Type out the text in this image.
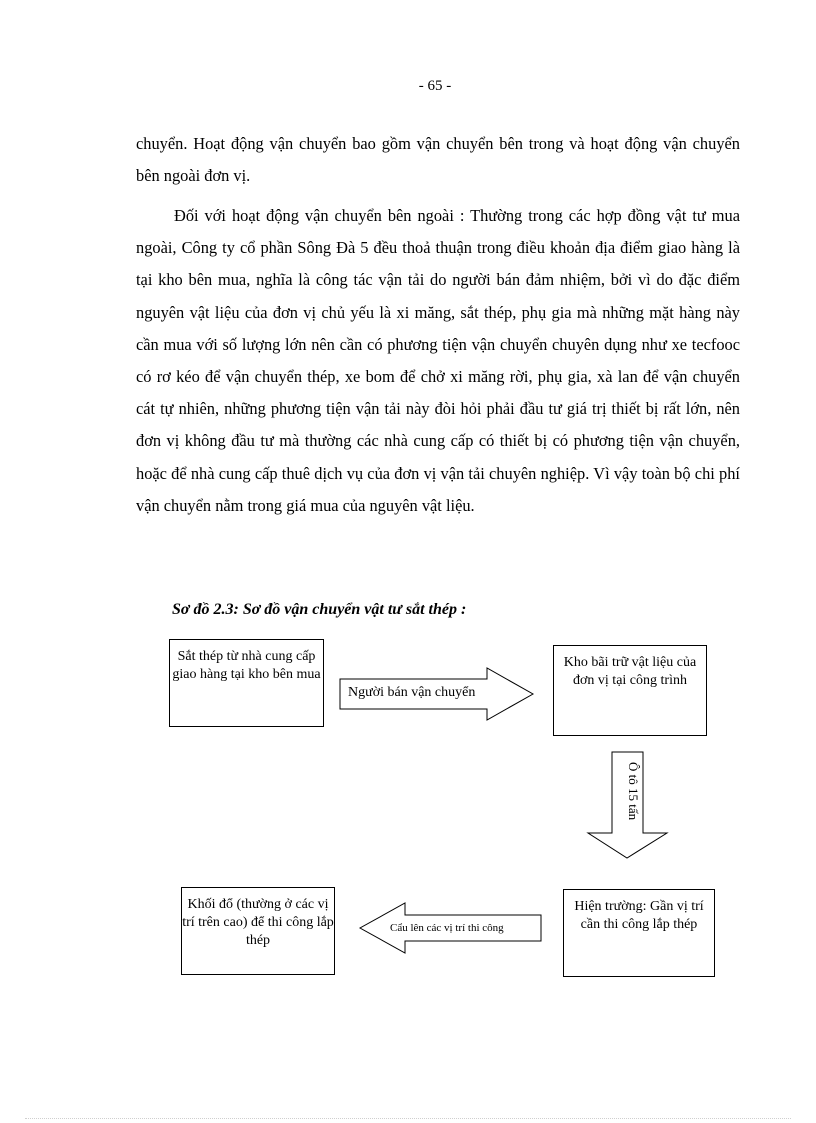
- 65 -

chuyển. Hoạt động vận chuyển bao gồm vận chuyển bên trong và hoạt động vận chuyển bên ngoài đơn vị.

Đối với hoạt động vận chuyển bên ngoài : Thường trong các hợp đồng vật tư mua ngoài, Công ty cổ phần Sông Đà 5 đều thoả thuận trong điều khoản địa điểm giao hàng là tại kho bên mua, nghĩa là công tác vận tải do người bán đảm nhiệm, bởi vì do đặc điểm nguyên vật liệu của đơn vị chủ yếu là xi măng, sắt thép, phụ gia mà những mặt hàng này cần mua với số lượng lớn nên cần có phương tiện vận chuyển chuyên dụng như xe tecfooc có rơ kéo để vận chuyển thép, xe bom để chở xi măng rời, phụ gia, xà lan để vận chuyển cát tự nhiên, những phương tiện vận tải này đòi hỏi phải đầu tư giá trị thiết bị rất lớn, nên đơn vị không đầu tư mà thường các nhà cung cấp có thiết bị có phương tiện vận chuyển, hoặc để nhà cung cấp thuê dịch vụ của đơn vị vận tải chuyên nghiệp. Vì vậy toàn bộ chi phí vận chuyển nằm trong giá mua của nguyên vật liệu.

Sơ đồ 2.3: Sơ đồ vận chuyển vật tư sắt thép :
Sắt thép từ nhà cung cấp giao hàng tại kho bên mua
Kho bãi trữ vật liệu của đơn vị tại công trình
Hiện trường: Gần vị trí cần thi công lắp thép
Khối đổ (thường ở các vị trí trên cao) để thi công lắp thép
Người bán vận chuyển
Cẩu lên các vị trí thi công
Ô tô 15 tấn
